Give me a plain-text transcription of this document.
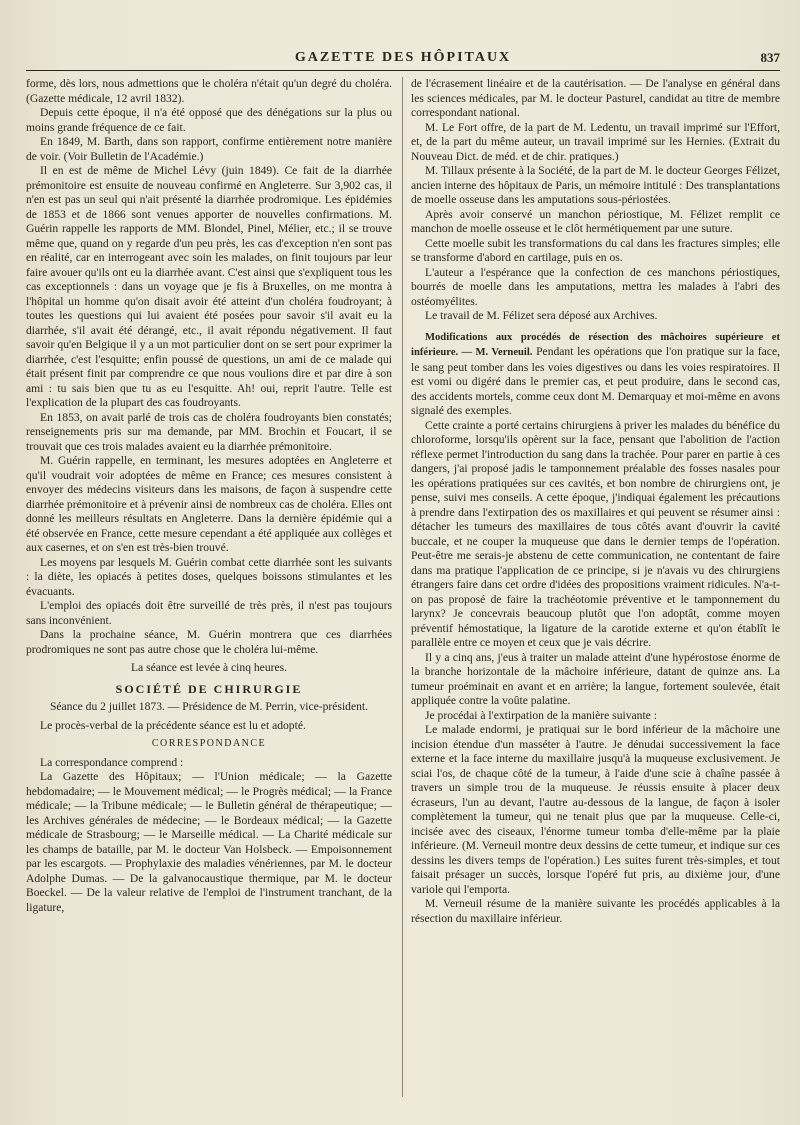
GAZETTE DES HÔPITAUX	837

forme, dès lors, nous admettions que le choléra n'était qu'un degré du choléra. (Gazette médicale, 12 avril 1832).

Depuis cette époque, il n'a été opposé que des dénégations sur la plus ou moins grande fréquence de ce fait.

En 1849, M. Barth, dans son rapport, confirme entièrement notre manière de voir. (Voir Bulletin de l'Académie.)

Il en est de même de Michel Lévy (juin 1849). Ce fait de la diarrhée prémonitoire est ensuite de nouveau confirmé en Angleterre. Sur 3,902 cas, il n'en est pas un seul qui n'ait présenté la diarrhée prodromique. Les épidémies de 1853 et de 1866 sont venues apporter de nouvelles confirmations. M. Guérin rappelle les rapports de MM. Blondel, Pinel, Mélier, etc.; il se trouve même que, quand on y regarde d'un peu près, les cas d'exception n'en sont pas en réalité, car en interrogeant avec soin les malades, on finit toujours par leur faire avouer qu'ils ont eu la diarrhée avant. C'est ainsi que s'expliquent tous les cas exceptionnels : dans un voyage que je fis à Bruxelles, on me montra à l'hôpital un homme qu'on disait avoir été atteint d'un choléra foudroyant; à toutes les questions qui lui avaient été posées pour savoir s'il avait eu la diarrhée, s'il avait été dérangé, etc., il avait répondu négativement. Il faut savoir qu'en Belgique il y a un mot particulier dont on se sert pour exprimer la diarrhée, c'est l'esquitte; enfin poussé de questions, un ami de ce malade qui était présent finit par comprendre ce que nous voulions dire et par dire à son ami : tu sais bien que tu as eu l'esquitte. Ah! oui, reprit l'autre. Telle est l'explication de la plupart des cas foudroyants.

En 1853, on avait parlé de trois cas de choléra foudroyants bien constatés; renseignements pris sur ma demande, par MM. Brochin et Foucart, il se trouvait que ces trois malades avaient eu la diarrhée prémonitoire.

M. Guérin rappelle, en terminant, les mesures adoptées en Angleterre et qu'il voudrait voir adoptées de même en France; ces mesures consistent à envoyer des médecins visiteurs dans les maisons, de façon à suspendre cette diarrhée prémonitoire et à prévenir ainsi de nombreux cas de choléra. Elles ont donné les meilleurs résultats en Angleterre. Dans la dernière épidémie qui a été observée en France, cette mesure cependant a été appliquée aux collèges et aux casernes, et on s'en est très-bien trouvé.

Les moyens par lesquels M. Guérin combat cette diarrhée sont les suivants : la diète, les opiacés à petites doses, quelques boissons stimulantes et les évacuants.

L'emploi des opiacés doit être surveillé de très près, il n'est pas toujours sans inconvénient.

Dans la prochaine séance, M. Guérin montrera que ces diarrhées prodromiques ne sont pas autre chose que le choléra lui-même.

La séance est levée à cinq heures.

SOCIÉTÉ DE CHIRURGIE

Séance du 2 juillet 1873. — Présidence de M. Perrin, vice-président.

Le procès-verbal de la précédente séance est lu et adopté.

CORRESPONDANCE

La correspondance comprend :

La Gazette des Hôpitaux; — l'Union médicale; — la Gazette hebdomadaire; — le Mouvement médical; — le Progrès médical; — la France médicale; — la Tribune médicale; — le Bulletin général de thérapeutique; — les Archives générales de médecine; — le Bordeaux médical; — la Gazette médicale de Strasbourg; — le Marseille médical. — La Charité médicale sur les champs de bataille, par M. le docteur Van Holsbeck. — Empoisonnement par les escargots. — Prophylaxie des maladies vénériennes, par M. le docteur Adolphe Dumas. — De la galvanocaustique thermique, par M. le docteur Boeckel. — De la valeur relative de l'emploi de l'instrument tranchant, de la ligature,

de l'écrasement linéaire et de la cautérisation. — De l'analyse en général dans les sciences médicales, par M. le docteur Pasturel, candidat au titre de membre correspondant national.

M. Le Fort offre, de la part de M. Ledentu, un travail imprimé sur l'Effort, et, de la part du même auteur, un travail imprimé sur les Hernies. (Extrait du Nouveau Dict. de méd. et de chir. pratiques.)

M. Tillaux présente à la Société, de la part de M. le docteur Georges Félizet, ancien interne des hôpitaux de Paris, un mémoire intitulé : Des transplantations de moelle osseuse dans les amputations sous-périostées.

Après avoir conservé un manchon périostique, M. Félizet remplit ce manchon de moelle osseuse et le clôt hermétiquement par une suture.

Cette moelle subit les transformations du cal dans les fractures simples; elle se transforme d'abord en cartilage, puis en os.

L'auteur a l'espérance que la confection de ces manchons périostiques, bourrés de moelle dans les amputations, mettra les malades à l'abri des ostéomyélites.

Le travail de M. Félizet sera déposé aux Archives.

Modifications aux procédés de résection des mâchoires supérieure et inférieure. — M. Verneuil. Pendant les opérations que l'on pratique sur la face, le sang peut tomber dans les voies digestives ou dans les voies respiratoires. Il est vomi ou digéré dans le premier cas, et peut produire, dans le second cas, des accidents mortels, comme ceux dont M. Demarquay et moi-même en avons signalé des exemples.

Cette crainte a porté certains chirurgiens à priver les malades du bénéfice du chloroforme, lorsqu'ils opèrent sur la face, pensant que l'abolition de l'action réflexe permet l'introduction du sang dans la trachée. Pour parer en partie à ces dangers, j'ai proposé jadis le tamponnement préalable des fosses nasales pour les opérations pratiquées sur ces cavités, et bon nombre de chirurgiens ont, je pense, suivi mes conseils. A cette époque, j'indiquai également les précautions à prendre dans l'extirpation des os maxillaires et qui peuvent se résumer ainsi : détacher les tumeurs des maxillaires de tous côtés avant d'ouvrir la cavité buccale, et ne couper la muqueuse que dans le dernier temps de l'opération. Peut-être me serais-je abstenu de cette communication, ne contentant de faire dans ma pratique l'application de ce principe, si je n'avais vu des chirurgiens étrangers faire dans cet ordre d'idées des propositions vraiment ridicules. N'a-t-on pas proposé de faire la trachéotomie préventive et le tamponnement du larynx? Je concevrais beaucoup plutôt que l'on adoptât, comme moyen préventif hémostatique, la ligature de la carotide externe et qu'on établît le parallèle entre ce moyen et ceux que je vais décrire.

Il y a cinq ans, j'eus à traiter un malade atteint d'une hypérostose énorme de la branche horizontale de la mâchoire inférieure, datant de quinze ans. La tumeur proéminait en avant et en arrière; la langue, fortement soulevée, était appliquée contre la voûte palatine.

Je procédai à l'extirpation de la manière suivante :

Le malade endormi, je pratiquai sur le bord inférieur de la mâchoire une incision étendue d'un masséter à l'autre. Je dénudai successivement la face externe et la face interne du maxillaire jusqu'à la muqueuse exclusivement. Je sciai l'os, de chaque côté de la tumeur, à l'aide d'une scie à chaîne passée à travers un simple trou de la muqueuse. Je réussis ensuite à placer deux écraseurs, l'un au devant, l'autre au-dessous de la langue, de façon à isoler complètement la tumeur, qui ne tenait plus que par la muqueuse. Celle-ci, incisée avec des ciseaux, l'énorme tumeur tomba d'elle-même par la plaie inférieure. (M. Verneuil montre deux dessins de cette tumeur, et indique sur ces dessins les divers temps de l'opération.) Les suites furent très-simples, et tout faisait présager un succès, lorsque l'opéré fut pris, au dixième jour, d'une variole qui l'emporta.

M. Verneuil résume de la manière suivante les procédés applicables à la résection du maxillaire inférieur.
